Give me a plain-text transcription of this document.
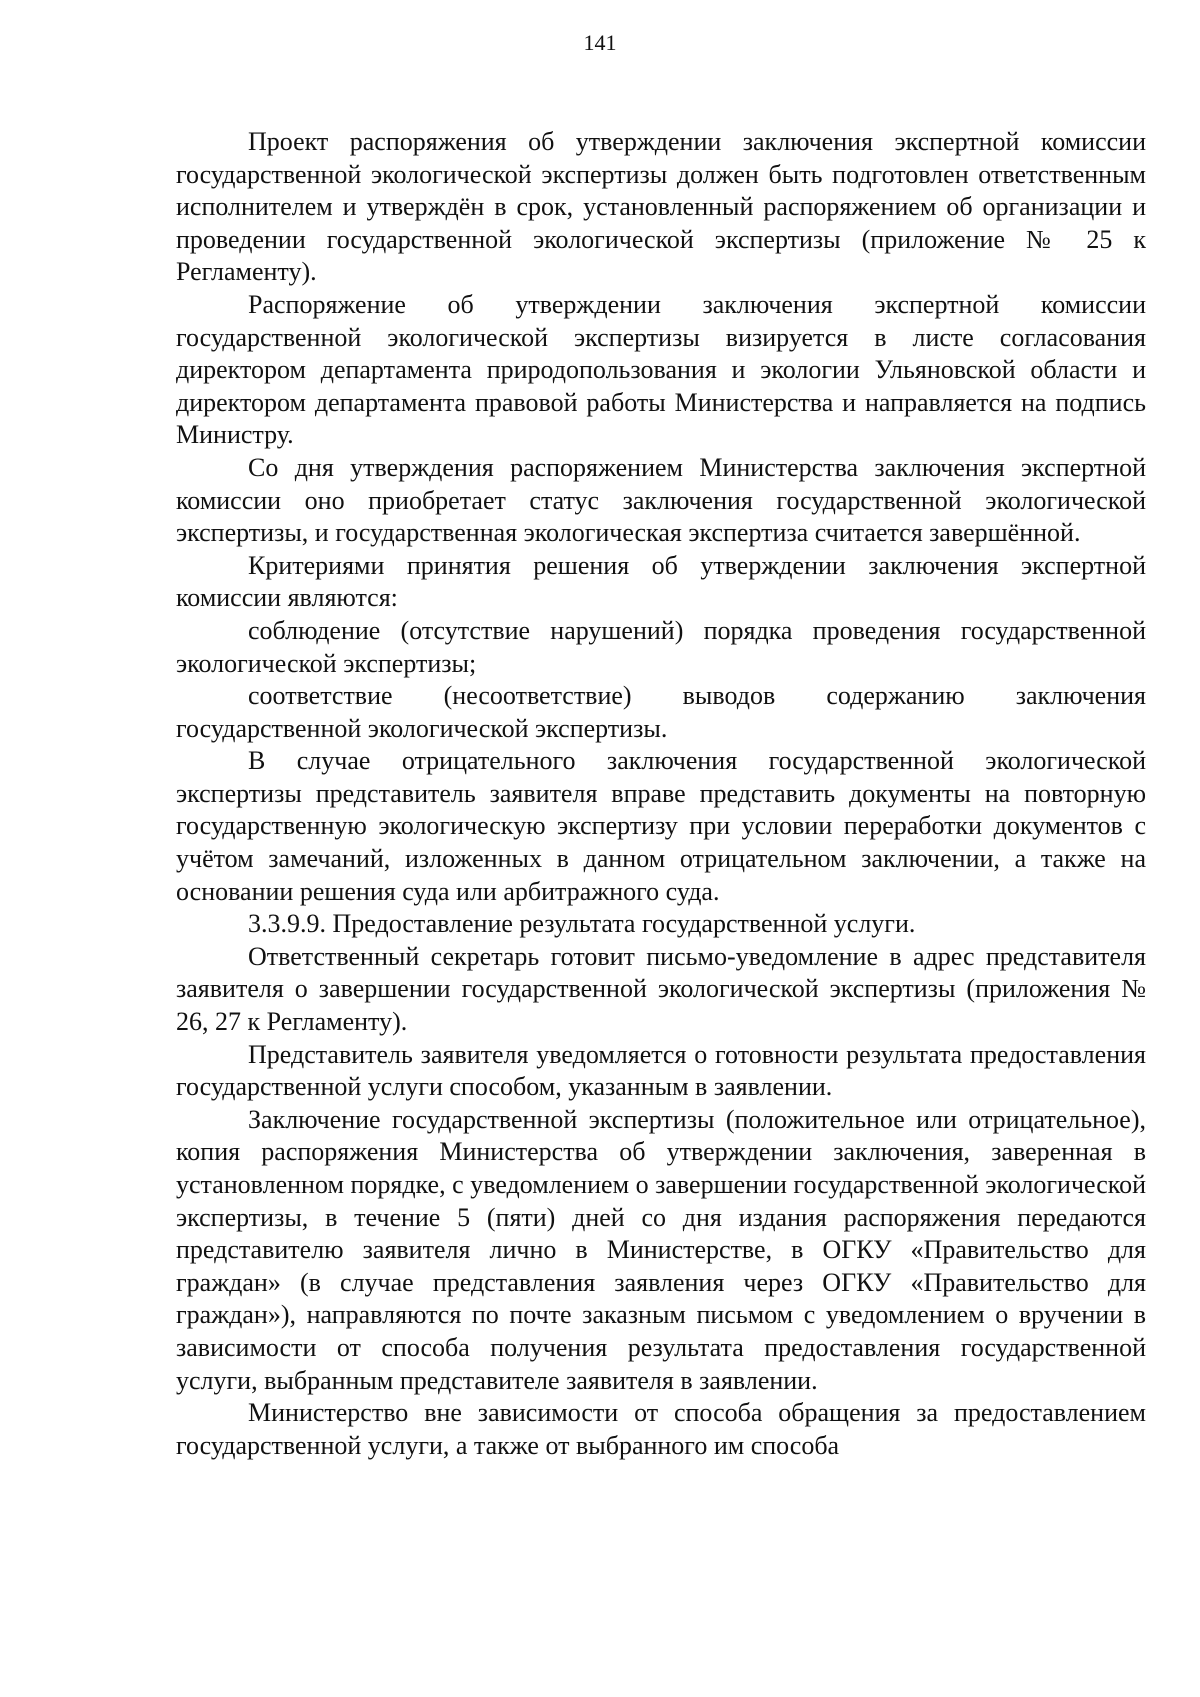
141

Проект распоряжения об утверждении заключения экспертной комиссии государственной экологической экспертизы должен быть подготовлен ответственным исполнителем и утверждён в срок, установленный распоряжением об организации и проведении государственной экологической экспертизы (приложение № 25 к Регламенту).

Распоряжение об утверждении заключения экспертной комиссии государственной экологической экспертизы визируется в листе согласования директором департамента природопользования и экологии Ульяновской области и директором департамента правовой работы Министерства и направляется на подпись Министру.

Со дня утверждения распоряжением Министерства заключения экспертной комиссии оно приобретает статус заключения государственной экологической экспертизы, и государственная экологическая экспертиза считается завершённой.

Критериями принятия решения об утверждении заключения экспертной комиссии являются:

соблюдение (отсутствие нарушений) порядка проведения государственной экологической экспертизы;

соответствие (несоответствие) выводов содержанию заключения государственной экологической экспертизы.

В случае отрицательного заключения государственной экологической экспертизы представитель заявителя вправе представить документы на повторную государственную экологическую экспертизу при условии переработки документов с учётом замечаний, изложенных в данном отрицательном заключении, а также на основании решения суда или арбитражного суда.

3.3.9.9. Предоставление результата государственной услуги.

Ответственный секретарь готовит письмо-уведомление в адрес представителя заявителя о завершении государственной экологической экспертизы (приложения № 26, 27 к Регламенту).

Представитель заявителя уведомляется о готовности результата предоставления государственной услуги способом, указанным в заявлении.

Заключение государственной экспертизы (положительное или отрицательное), копия распоряжения Министерства об утверждении заключения, заверенная в установленном порядке, с уведомлением о завершении государственной экологической экспертизы, в течение 5 (пяти) дней со дня издания распоряжения передаются представителю заявителя лично в Министерстве, в ОГКУ «Правительство для граждан» (в случае представления заявления через ОГКУ «Правительство для граждан»), направляются по почте заказным письмом с уведомлением о вручении в зависимости от способа получения результата предоставления государственной услуги, выбранным представителе заявителя в заявлении.

Министерство вне зависимости от способа обращения за предоставлением государственной услуги, а также от выбранного им способа
